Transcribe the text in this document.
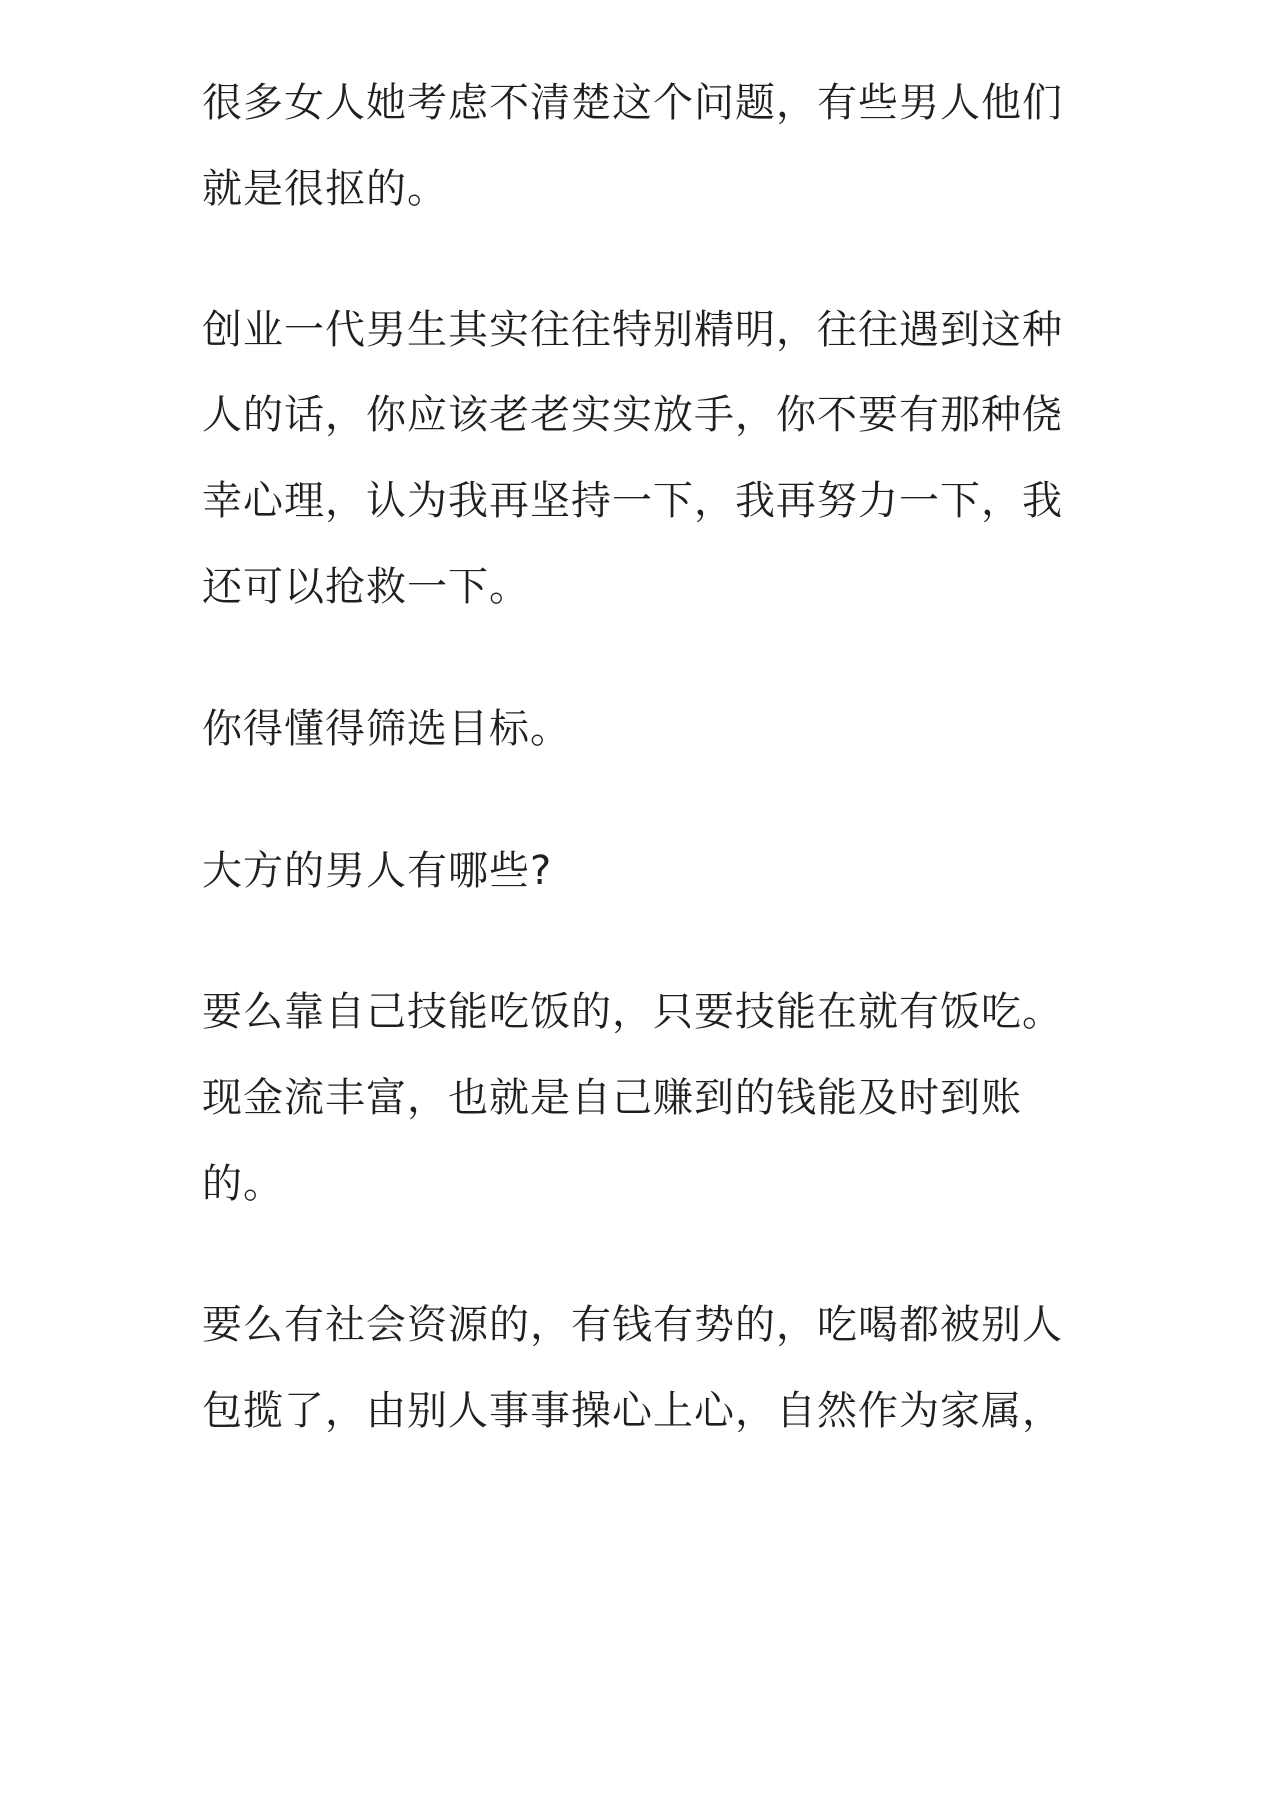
很多女人她考虑不清楚这个问题，有些男人他们
就是很抠的。
创业一代男生其实往往特别精明，往往遇到这种
人的话，你应该老老实实放手，你不要有那种侥
幸心理，认为我再坚持一下，我再努力一下，我
还可以抢救一下。
你得懂得筛选目标。
大方的男人有哪些?
要么靠自己技能吃饭的，只要技能在就有饭吃。
现金流丰富，也就是自己赚到的钱能及时到账
的。
要么有社会资源的，有钱有势的，吃喝都被别人
包揽了，由别人事事操心上心，自然作为家属，
